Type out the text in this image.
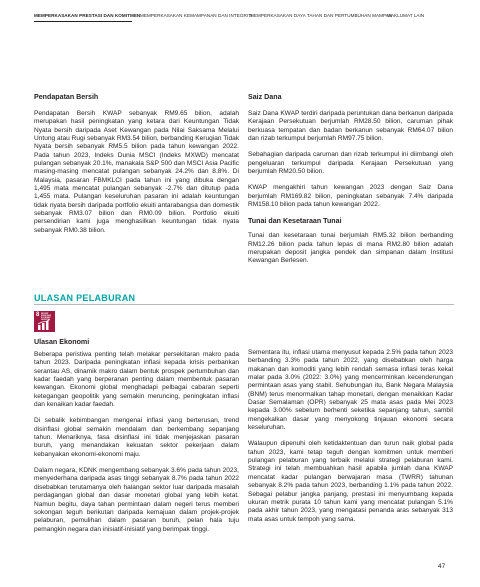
MEMPERKASAKAN PRESTASI DAN KOMITMEN MEMPERKASAKAN KEMAMPANAN DAN INTEGRITI
MEMPERKASAKAN DAYA TAHAN DAN PERTUMBUHAN MAMPAN
MAKLUMAT LAIN

Pendapatan Bersih

Pendapatan Bersih KWAP sebanyak RM9.65 bilion, adalah merupakan hasil peningkatan yang ketara dari Keuntungan Tidak Nyata bersih daripada Aset Kewangan pada Nilai Saksama Melalui Untung atau Rugi sebanyak RM3.54 bilion, berbanding Kerugian Tidak Nyata bersih sebanyak RM5.5 bilion pada tahun kewangan 2022. Pada tahun 2023, Indeks Dunia MSCI (Indeks MXWD) mencatat pulangan sebanyak 20.1%, manakala S&P 500 dan MSCI Asia Pacific masing-masing mencatat pulangan sebanyak 24.2% dan 8.8%. Di Malaysia, pasaran FBMKLCI pada tahun ini yang dibuka dengan 1,495 mata mencatat pulangan sebanyak -2.7% dan ditutup pada 1,455 mata. Pulangan keseluruhan pasaran ini adalah keuntungan tidak nyata bersih daripada portfolio ekuiti antarabangsa dan domestik sebanyak RM3.07 bilion dan RM0.09 bilion. Portfolio ekuiti persendirian kami juga menghasilkan keuntungan tidak nyata sebanyak RM0.38 bilion.

Saiz Dana

Saiz Dana KWAP terdiri daripada peruntukan dana berkanun daripada Kerajaan Persekutuan berjumlah RM28.50 bilion, caruman pihak berkuasa tempatan dan badan berkanun sebanyak RM64.07 bilion dan rizab terkumpul berjumlah RM97.75 bilion.

Sebahagian daripada caruman dan rizab terkumpul ini diimbangi oleh pengeluaran terkumpul daripada Kerajaan Persekutuan yang berjumlah RM20.50 bilion.

KWAP mengakhiri tahun kewangan 2023 dengan Saiz Dana berjumlah RM169.82 bilion, peningkatan sebanyak 7.4% daripada RM158.10 bilion pada tahun kewangan 2022.

Tunai dan Kesetaraan Tunai

Tunai dan kesetaraan tunai berjumlah RM5.32 bilion berbanding RM12.26 bilion pada tahun lepas di mana RM2.80 bilion adalah merupakan deposit jangka pendek dan simpanan dalam Institusi Kewangan Berlesen.

ULASAN PELABURAN
8 DECENT WORK AND ECONOMIC GROWTH

Ulasan Ekonomi

Beberapa peristiwa penting telah melakar persekitaran makro pada tahun 2023. Daripada peningkatan inflasi kepada krisis perbankan serantau AS, dinamik makro dalam bentuk prospek pertumbuhan dan kadar faedah yang berperanan penting dalam membentuk pasaran kewangan. Ekonomi global menghadapi pelbagai cabaran seperti ketegangan geopolitik yang semakin meruncing, peningkatan inflasi dan kenaikan kadar faedah.

Di sebalik kebimbangan mengenai inflasi yang berterusan, trend disinflasi global semakin mendalam dan berkembang sepanjang tahun. Menariknya, fasa disinflasi ini tidak menjejaskan pasaran buruh, yang menandakan kekuatan sektor pekerjaan dalam kebanyakan ekonomi-ekonomi maju.

Dalam negara, KDNK mengembang sebanyak 3.6% pada tahun 2023, menyederhana daripada asas tinggi sebanyak 8.7% pada tahun 2022 disebabkan terutamanya oleh halangan sektor luar daripada masalah perdagangan global dan dasar monetari global yang lebih ketat. Namun begitu, daya tahan permintaan dalam negeri terus memberi sokongan teguh berikutan daripada kemajuan dalam projek-projek pelaburan, pemulihan dalam pasaran buruh, pelan hala tuju pemangkin negara dan inisiatif-inisiatif yang berimpak tinggi.

Sementara itu, inflasi utama menyusut kepada 2.5% pada tahun 2023 berbanding 3.3% pada tahun 2022, yang disebabkan oleh harga makanan dan komoditi yang lebih rendah semasa inflasi teras kekal malar pada 3.0% (2022: 3.0%) yang mencerminkan kecenderungan permintaan asas yang stabil. Sehubungan itu, Bank Negara Malaysia (BNM) terus menormalkan tahap monetari, dengan menaikkan Kadar Dasar Semalaman (OPR) sebanyak 25 mata asas pada Mei 2023 kepada 3.00% sebelum berhenti seketika sepanjang tahun, sambil mengekalkan dasar yang menyokong tinjauan ekonomi secara keseluruhan.

Walaupun dipenuhi oleh ketidaktentuan dan turun naik global pada tahun 2023, kami tetap teguh dengan komitmen untuk memberi pulangan pelaburan yang terbaik melalui strategi pelaburan kami. Strategi ini telah membuahkan hasil apabila jumlah dana KWAP mencatat kadar pulangan berwajaran masa (TWRR) tahunan sebanyak 8.2% pada tahun 2023, berbanding 1.1% pada tahun 2022. Sebagai pelabur jangka panjang, prestasi ini menyumbang kepada ukuran metrik purata 10 tahun kami yang mencatat pulangan 5.1% pada akhir tahun 2023, yang mengatasi penanda aras sebanyak 313 mata asas untuk tempoh yang sama.

47
